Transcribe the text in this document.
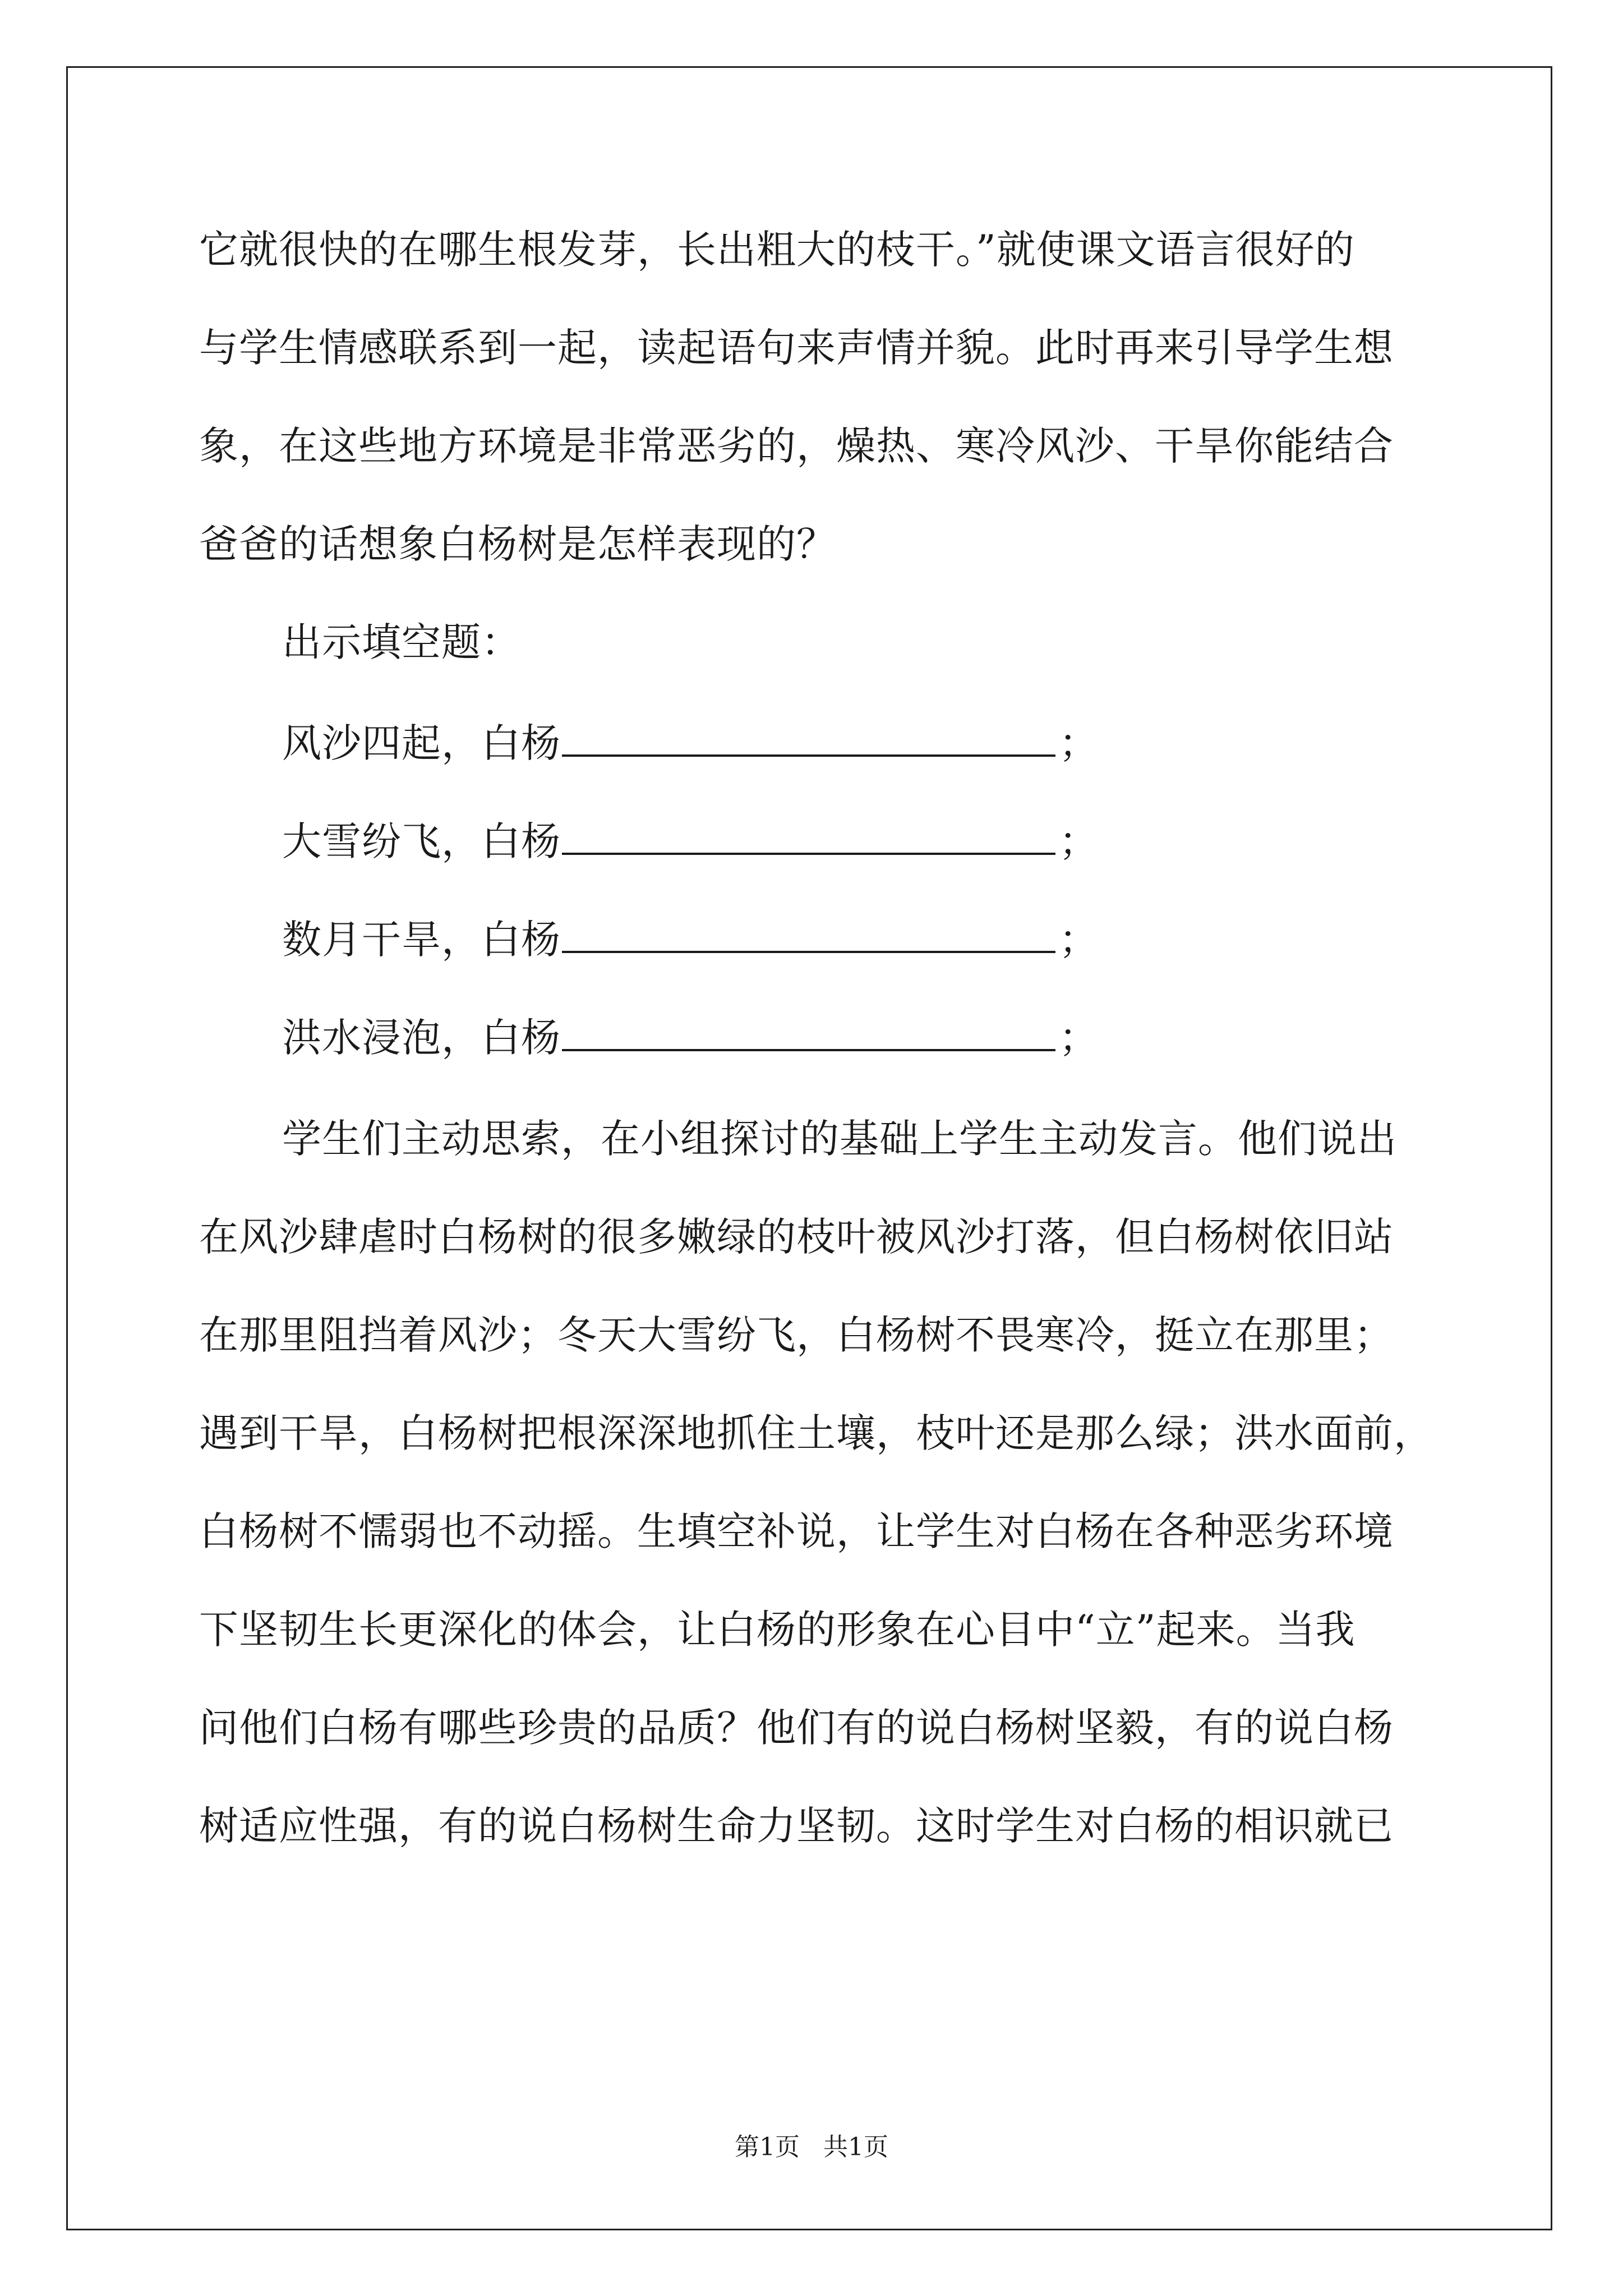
它就很快的在哪生根发芽，长出粗大的枝干。”就使课文语言很好的
与学生情感联系到一起，读起语句来声情并貌。此时再来引导学生想
象，在这些地方环境是非常恶劣的，燥热、寒冷风沙、干旱你能结合
爸爸的话想象白杨树是怎样表现的？
出示填空题：
风沙四起，白杨	；
大雪纷飞，白杨	；
数月干旱，白杨	；
洪水浸泡，白杨	；
学生们主动思索，在小组探讨的基础上学生主动发言。他们说出
在风沙肆虐时白杨树的很多嫩绿的枝叶被风沙打落，但白杨树依旧站
在那里阻挡着风沙；冬天大雪纷飞，白杨树不畏寒冷，挺立在那里；
遇到干旱，白杨树把根深深地抓住土壤，枝叶还是那么绿；洪水面前，
白杨树不懦弱也不动摇。生填空补说，让学生对白杨在各种恶劣环境
下坚韧生长更深化的体会，让白杨的形象在心目中“立”起来。当我
问他们白杨有哪些珍贵的品质？他们有的说白杨树坚毅，有的说白杨
树适应性强，有的说白杨树生命力坚韧。这时学生对白杨的相识就已
第1页   共1页
